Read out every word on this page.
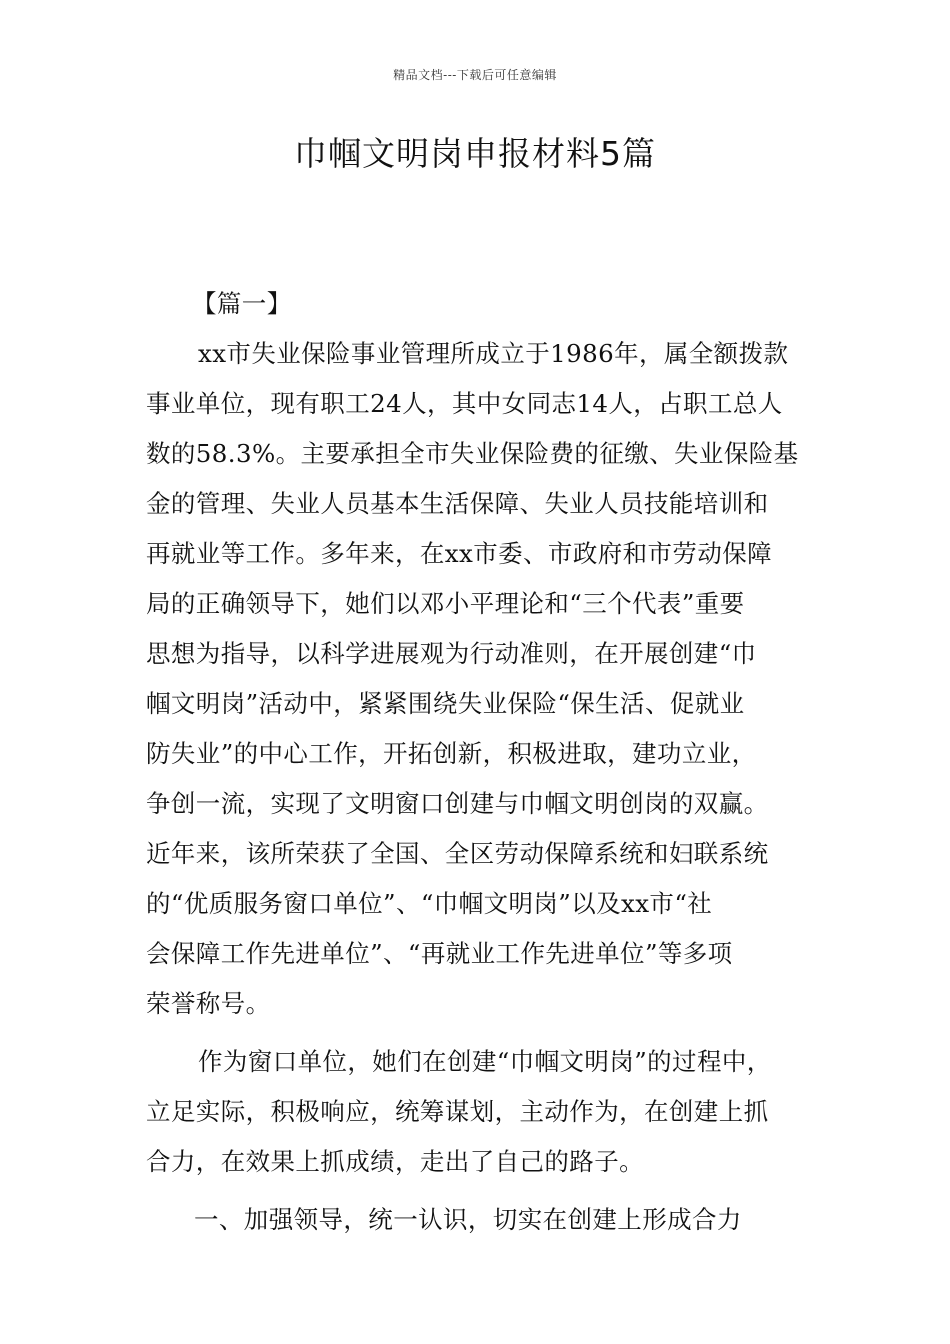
精品文档---下载后可任意编辑
巾帼文明岗申报材料5篇
【篇一】
xx市失业保险事业管理所成立于1986年，属全额拨款
事业单位，现有职工24人，其中女同志14人，占职工总人
数的58.3%。主要承担全市失业保险费的征缴、失业保险基
金的管理、失业人员基本生活保障、失业人员技能培训和
再就业等工作。多年来，在xx市委、市政府和市劳动保障
局的正确领导下，她们以邓小平理论和“三个代表”重要
思想为指导，以科学进展观为行动准则，在开展创建“巾
帼文明岗”活动中，紧紧围绕失业保险“保生活、促就业
防失业”的中心工作，开拓创新，积极进取，建功立业，
争创一流，实现了文明窗口创建与巾帼文明创岗的双赢。
近年来，该所荣获了全国、全区劳动保障系统和妇联系统
的“优质服务窗口单位”、“巾帼文明岗”以及xx市“社
会保障工作先进单位”、“再就业工作先进单位”等多项
荣誉称号。
作为窗口单位，她们在创建“巾帼文明岗”的过程中，
立足实际，积极响应，统筹谋划，主动作为，在创建上抓
合力，在效果上抓成绩，走出了自己的路子。
一、加强领导，统一认识，切实在创建上形成合力
